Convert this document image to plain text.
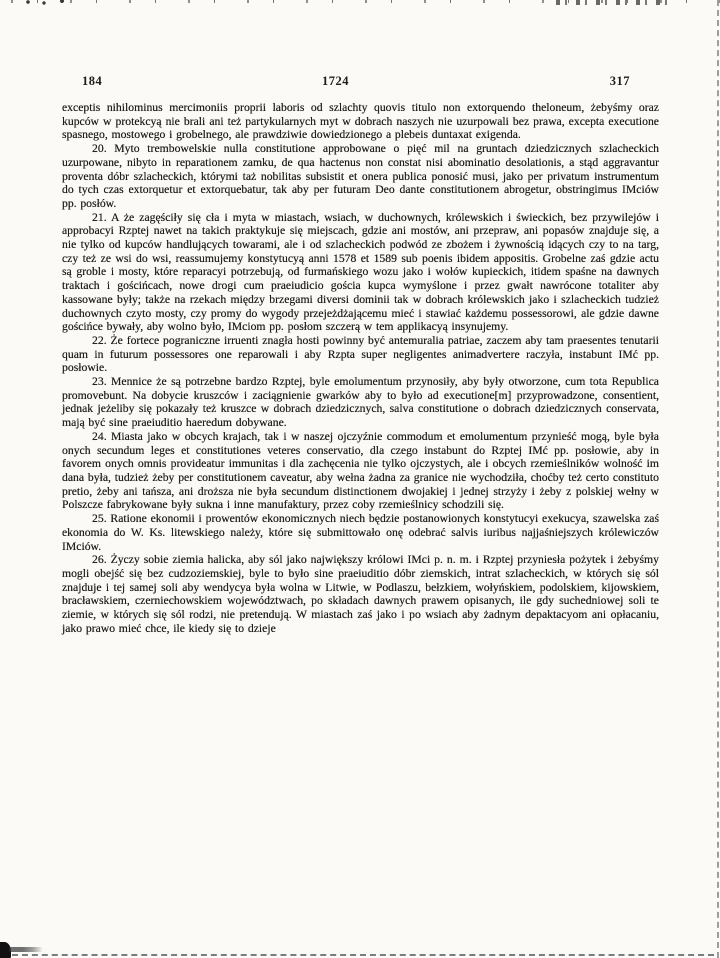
184	1724	317

exceptis nihilominus mercimoniis proprii laboris od szlachty quovis titulo non extorquendo theloneum, żebyśmy oraz kupców w protekcyą nie brali ani też partykularnych myt w dobrach naszych nie uzurpowali bez prawa, excepta executione spasnego, mostowego i grobelnego, ale prawdziwie dowiedzionego a plebeis duntaxat exigenda.

20. Myto trembowelskie nulla constitutione approbowane o pięć mil na gruntach dziedzicznych szlacheckich uzurpowane, nibyto in reparationem zamku, de qua hactenus non constat nisi abominatio desolationis, a stąd aggravantur proventa dóbr szlacheckich, którymi taż nobilitas subsistit et onera publica ponosić musi, jako per privatum instrumentum do tych czas extorquetur et extorquebatur, tak aby per futuram Deo dante constitutionem abrogetur, obstringimus IMciów pp. posłów.

21. A że zagęściły się cła i myta w miastach, wsiach, w duchownych, królewskich i świeckich, bez przywilejów i approbacyi Rzptej nawet na takich praktykuje się miejscach, gdzie ani mostów, ani przepraw, ani popasów znajduje się, a nie tylko od kupców handlujących towarami, ale i od szlacheckich podwód ze zbożem i żywnością idących czy to na targ, czy też ze wsi do wsi, reassumujemy konstytucyą anni 1578 et 1589 sub poenis ibidem appositis. Grobelne zaś gdzie actu są groble i mosty, które reparacyi potrzebują, od furmańskiego wozu jako i wołów kupieckich, itidem spaśne na dawnych traktach i gościńcach, nowe drogi cum praeiudicio gościa kupca wymyślone i przez gwałt nawrócone totaliter aby kassowane były; także na rzekach między brzegami diversi dominii tak w dobrach królewskich jako i szlacheckich tudzież duchownych czyto mosty, czy promy do wygody przejeżdżającemu mieć i stawiać każdemu possessorowi, ale gdzie dawne gościńce bywały, aby wolno było, IMciom pp. posłom szczerą w tem applikacyą insynujemy.

22. Że fortece pograniczne irruenti znagła hosti powinny być antemuralia patriae, zaczem aby tam praesentes tenutarii quam in futurum possessores one reparowali i aby Rzpta super negligentes animadvertere raczyła, instabunt IMć pp. posłowie.

23. Mennice że są potrzebne bardzo Rzptej, byle emolumentum przynosiły, aby były otworzone, cum tota Republica promovebunt. Na dobycie kruszców i zaciągnienie gwarków aby to było ad executione[m] przyprowadzone, consentient, jednak jeżeliby się pokazały też kruszce w dobrach dziedzicznych, salva constitutione o dobrach dziedzicznych conservata, mają być sine praeiuditio haeredum dobywane.

24. Miasta jako w obcych krajach, tak i w naszej ojczyźnie commodum et emolumentum przynieść mogą, byle była onych secundum leges et constitutiones veteres conservatio, dla czego instabunt do Rzptej IMć pp. posłowie, aby in favorem onych omnis provideatur immunitas i dla zachęcenia nie tylko ojczystych, ale i obcych rzemieślników wolność im dana była, tudzież żeby per constitutionem caveatur, aby wełna żadna za granice nie wychodziła, choćby też certo constituto pretio, żeby ani tańsza, ani droższa nie była secundum distinctionem dwojakiej i jednej strzyży i żeby z polskiej wełny w Polszcze fabrykowane były sukna i inne manufaktury, przez coby rzemieślnicy schodzili się.

25. Ratione ekonomii i prowentów ekonomicznych niech będzie postanowionych konstytucyi exekucya, szawelska zaś ekonomia do W. Ks. litewskiego należy, które się submittowało onę odebrać salvis iuribus najjaśniejszych królewiczów IMciów.

26. Życzy sobie ziemia halicka, aby sól jako największy królowi IMci p. n. m. i Rzptej przyniesła pożytek i żebyśmy mogli obejść się bez cudzoziemskiej, byle to było sine praeiuditio dóbr ziemskich, intrat szlacheckich, w których się sól znajduje i tej samej soli aby wendycya była wolna w Litwie, w Podlaszu, bełzkiem, wołyńskiem, podolskiem, kijowskiem, bracławskiem, czerniechowskiem województwach, po składach dawnych prawem opisanych, ile gdy suchedniowej soli te ziemie, w których się sól rodzi, nie pretendują. W miastach zaś jako i po wsiach aby żadnym depaktacyom ani opłacaniu, jako prawo mieć chce, ile kiedy się to dzieje
